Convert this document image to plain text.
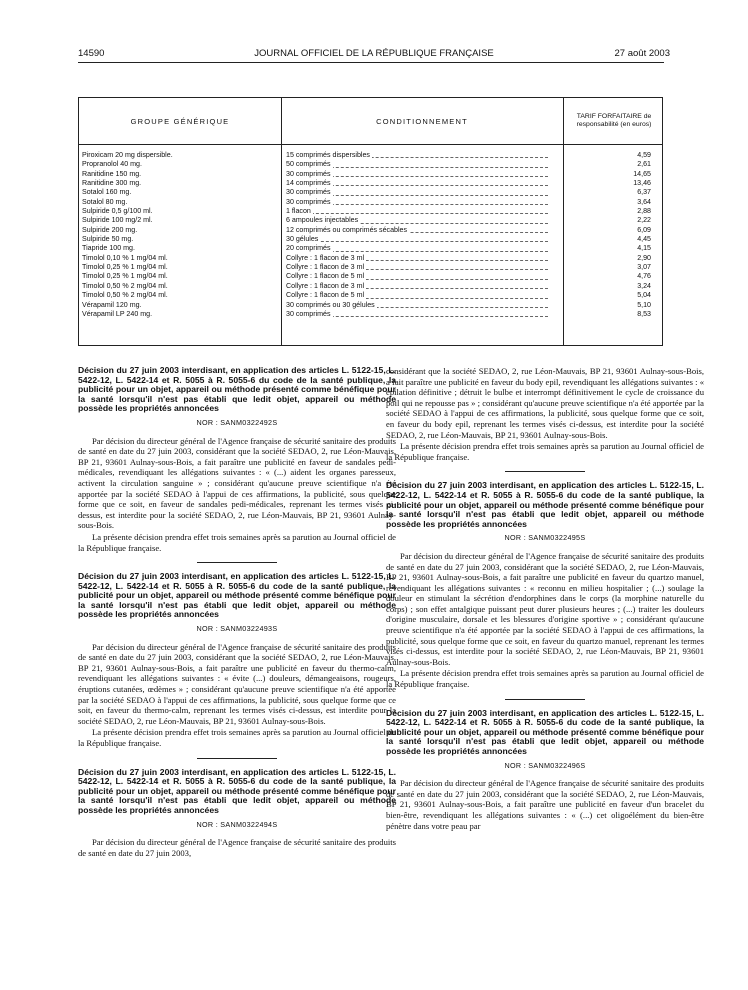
14590	JOURNAL OFFICIEL DE LA RÉPUBLIQUE FRANÇAISE	27 août 2003
GROUPE GÉNÉRIQUE	CONDITIONNEMENT	TARIF FORFAITAIRE de responsabilité (en euros)
Piroxicam 20 mg dispersible.	15 comprimés dispersibles	4,59
Propranolol 40 mg.	50 comprimés	2,61
Ranitidine 150 mg.	30 comprimés	14,65
Ranitidine 300 mg.	14 comprimés	13,46
Sotalol 160 mg.	30 comprimés	6,37
Sotalol 80 mg.	30 comprimés	3,64
Sulpiride 0,5 g/100 ml.	1 flacon	2,88
Sulpiride 100 mg/2 ml.	6 ampoules injectables	2,22
Sulpiride 200 mg.	12 comprimés ou comprimés sécables	6,09
Sulpiride 50 mg.	30 gélules	4,45
Tiapride 100 mg.	20 comprimés	4,15
Timolol 0,10 % 1 mg/04 ml.	Collyre : 1 flacon de 3 ml	2,90
Timolol 0,25 % 1 mg/04 ml.	Collyre : 1 flacon de 3 ml	3,07
Timolol 0,25 % 1 mg/04 ml.	Collyre : 1 flacon de 5 ml	4,76
Timolol 0,50 % 2 mg/04 ml.	Collyre : 1 flacon de 3 ml	3,24
Timolol 0,50 % 2 mg/04 ml.	Collyre : 1 flacon de 5 ml	5,04
Vérapamil 120 mg.	30 comprimés ou 30 gélules	5,10
Vérapamil LP 240 mg.	30 comprimés	8,53
Décision du 27 juin 2003 interdisant, en application des articles L. 5122-15, L. 5422-12, L. 5422-14 et R. 5055 à R. 5055-6 du code de la santé publique, la publicité pour un objet, appareil ou méthode présenté comme bénéfique pour la santé lorsqu'il n'est pas établi que ledit objet, appareil ou méthode possède les propriétés annoncées
NOR : SANM0322492S
Par décision du directeur général de l'Agence française de sécurité sanitaire des produits de santé en date du 27 juin 2003, considérant que la société SEDAO, 2, rue Léon-Mauvais, BP 21, 93601 Aulnay-sous-Bois, a fait paraître une publicité en faveur de sandales pedi-médicales, revendiquant les allégations suivantes : « (...) aident les organes paresseux, activent la circulation sanguine » ; considérant qu'aucune preuve scientifique n'a été apportée par la société SEDAO à l'appui de ces affirmations, la publicité, sous quelque forme que ce soit, en faveur de sandales pedi-médicales, reprenant les termes visés ci-dessus, est interdite pour la société SEDAO, 2, rue Léon-Mauvais, BP 21, 93601 Aulnay-sous-Bois.
La présente décision prendra effet trois semaines après sa parution au Journal officiel de la République française.
Décision du 27 juin 2003 interdisant, en application des articles L. 5122-15, L. 5422-12, L. 5422-14 et R. 5055 à R. 5055-6 du code de la santé publique, la publicité pour un objet, appareil ou méthode présenté comme bénéfique pour la santé lorsqu'il n'est pas établi que ledit objet, appareil ou méthode possède les propriétés annoncées
NOR : SANM0322493S
Par décision du directeur général de l'Agence française de sécurité sanitaire des produits de santé en date du 27 juin 2003, considérant que la société SEDAO, 2, rue Léon-Mauvais, BP 21, 93601 Aulnay-sous-Bois, a fait paraître une publicité en faveur du thermo-calm, revendiquant les allégations suivantes : « évite (...) douleurs, démangeaisons, rougeurs, éruptions cutanées, œdèmes » ; considérant qu'aucune preuve scientifique n'a été apportée par la société SEDAO à l'appui de ces affirmations, la publicité, sous quelque forme que ce soit, en faveur du thermo-calm, reprenant les termes visés ci-dessus, est interdite pour la société SEDAO, 2, rue Léon-Mauvais, BP 21, 93601 Aulnay-sous-Bois.
La présente décision prendra effet trois semaines après sa parution au Journal officiel de la République française.
Décision du 27 juin 2003 interdisant, en application des articles L. 5122-15, L. 5422-12, L. 5422-14 et R. 5055 à R. 5055-6 du code de la santé publique, la publicité pour un objet, appareil ou méthode présenté comme bénéfique pour la santé lorsqu'il n'est pas établi que ledit objet, appareil ou méthode possède les propriétés annoncées
NOR : SANM0322494S
Par décision du directeur général de l'Agence française de sécurité sanitaire des produits de santé en date du 27 juin 2003,
considérant que la société SEDAO, 2, rue Léon-Mauvais, BP 21, 93601 Aulnay-sous-Bois, a fait paraître une publicité en faveur du body epil, revendiquant les allégations suivantes : « épilation définitive ; détruit le bulbe et interrompt définitivement le cycle de croissance du poil qui ne repousse pas » ; considérant qu'aucune preuve scientifique n'a été apportée par la société SEDAO à l'appui de ces affirmations, la publicité, sous quelque forme que ce soit, en faveur du body epil, reprenant les termes visés ci-dessus, est interdite pour la société SEDAO, 2, rue Léon-Mauvais, BP 21, 93601 Aulnay-sous-Bois.
La présente décision prendra effet trois semaines après sa parution au Journal officiel de la République française.
Décision du 27 juin 2003 interdisant, en application des articles L. 5122-15, L. 5422-12, L. 5422-14 et R. 5055 à R. 5055-6 du code de la santé publique, la publicité pour un objet, appareil ou méthode présenté comme bénéfique pour la santé lorsqu'il n'est pas établi que ledit objet, appareil ou méthode possède les propriétés annoncées
NOR : SANM0322495S
Par décision du directeur général de l'Agence française de sécurité sanitaire des produits de santé en date du 27 juin 2003, considérant que la société SEDAO, 2, rue Léon-Mauvais, BP 21, 93601 Aulnay-sous-Bois, a fait paraître une publicité en faveur du quartzo manuel, revendiquant les allégations suivantes : « reconnu en milieu hospitalier ; (...) soulage la douleur en stimulant la sécrétion d'endorphines dans le corps (la morphine naturelle du corps) ; son effet antalgique puissant peut durer plusieurs heures ; (...) traiter les douleurs d'origine musculaire, dorsale et les blessures d'origine sportive » ; considérant qu'aucune preuve scientifique n'a été apportée par la société SEDAO à l'appui de ces affirmations, la publicité, sous quelque forme que ce soit, en faveur du quartzo manuel, reprenant les termes visés ci-dessus, est interdite pour la société SEDAO, 2, rue Léon-Mauvais, BP 21, 93601 Aulnay-sous-Bois.
La présente décision prendra effet trois semaines après sa parution au Journal officiel de la République française.
Décision du 27 juin 2003 interdisant, en application des articles L. 5122-15, L. 5422-12, L. 5422-14 et R. 5055 à R. 5055-6 du code de la santé publique, la publicité pour un objet, appareil ou méthode présenté comme bénéfique pour la santé lorsqu'il n'est pas établi que ledit objet, appareil ou méthode possède les propriétés annoncées
NOR : SANM0322496S
Par décision du directeur général de l'Agence française de sécurité sanitaire des produits de santé en date du 27 juin 2003, considérant que la société SEDAO, 2, rue Léon-Mauvais, BP 21, 93601 Aulnay-sous-Bois, a fait paraître une publicité en faveur d'un bracelet du bien-être, revendiquant les allégations suivantes : « (...) cet oligoélément du bien-être pénètre dans votre peau par
